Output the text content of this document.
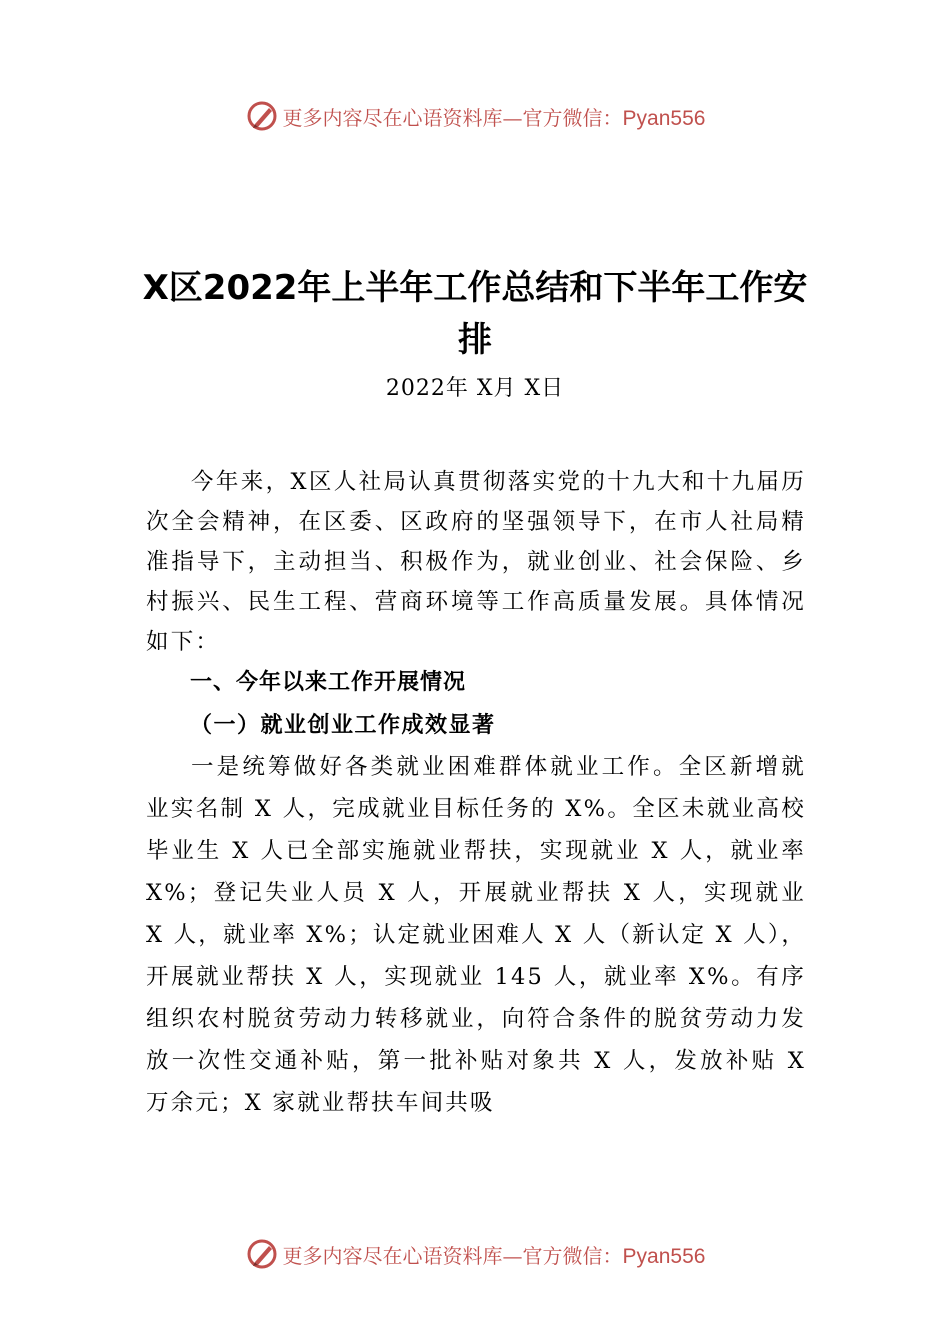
更多内容尽在心语资料库—官方微信：Pyan556
X区2022年上半年工作总结和下半年工作安排
2022年 X月 X日

今年来，X区人社局认真贯彻落实党的十九大和十九届历次全会精神，在区委、区政府的坚强领导下，在市人社局精准指导下，主动担当、积极作为，就业创业、社会保险、乡村振兴、民生工程、营商环境等工作高质量发展。具体情况如下：

一、今年以来工作开展情况

（一）就业创业工作成效显著

一是统筹做好各类就业困难群体就业工作。全区新增就业实名制 X 人，完成就业目标任务的 X%。全区未就业高校毕业生 X 人已全部实施就业帮扶，实现就业 X 人，就业率 X%；登记失业人员 X 人，开展就业帮扶 X 人，实现就业 X 人，就业率 X%；认定就业困难人 X 人（新认定 X 人），开展就业帮扶 X 人，实现就业 145 人，就业率 X%。有序组织农村脱贫劳动力转移就业，向符合条件的脱贫劳动力发放一次性交通补贴，第一批补贴对象共 X 人，发放补贴 X 万余元；X 家就业帮扶车间共吸

更多内容尽在心语资料库—官方微信：Pyan556
